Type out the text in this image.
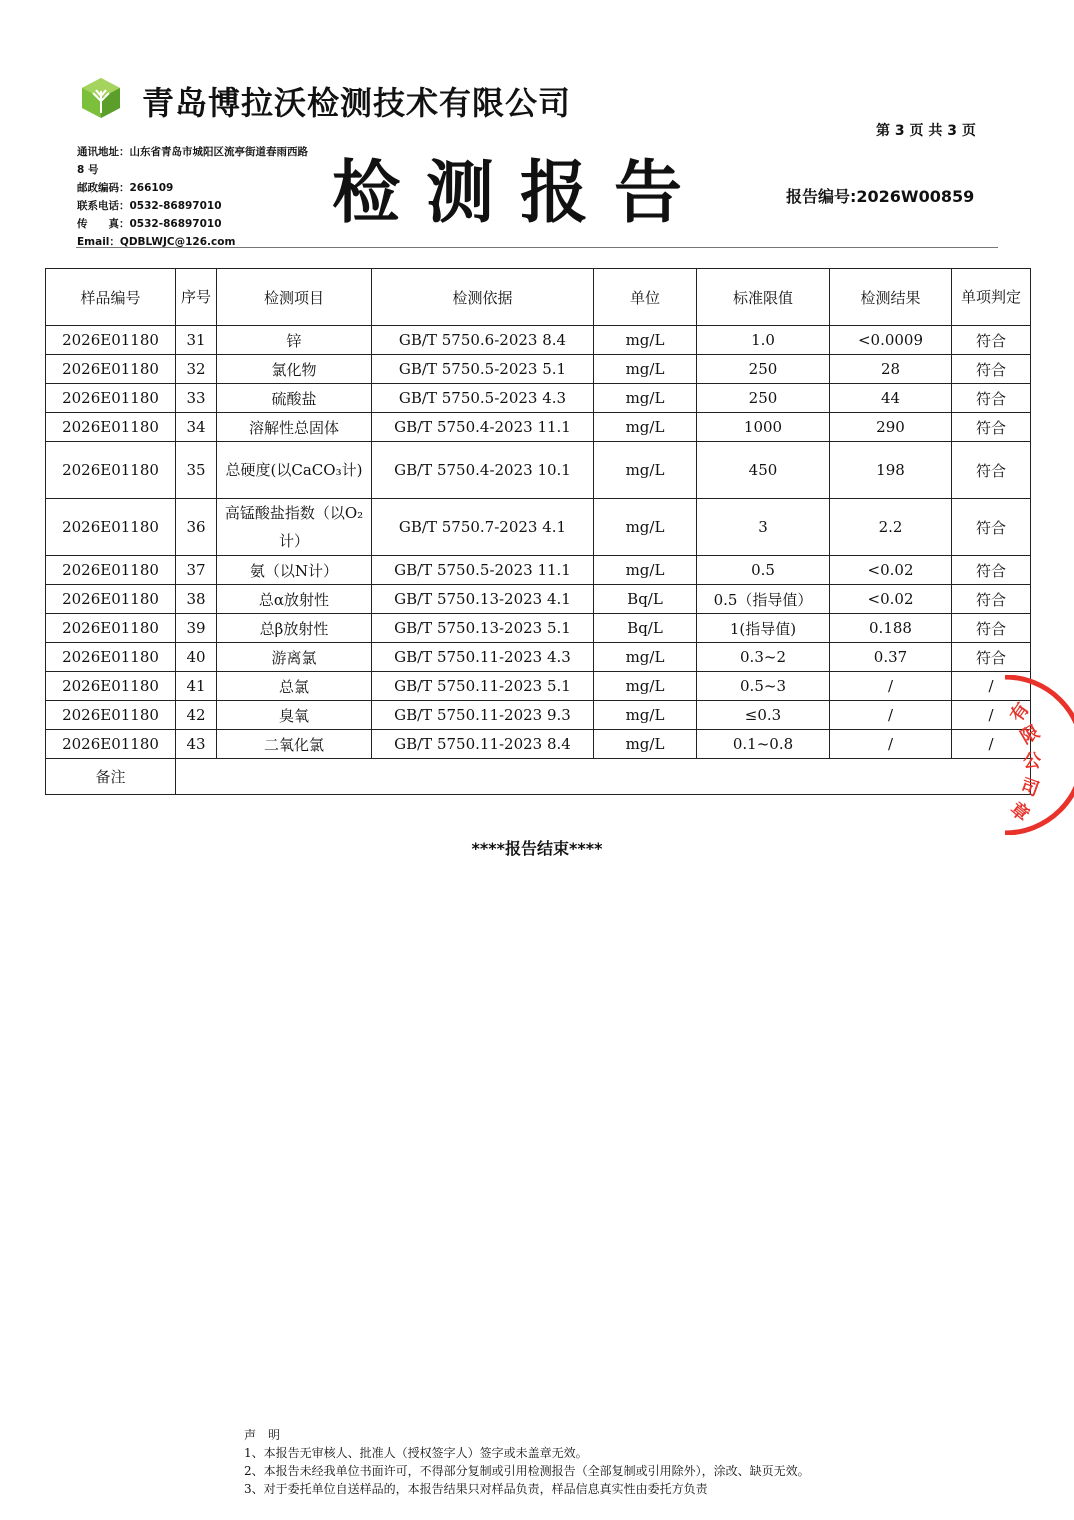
青岛博拉沃检测技术有限公司
第 3 页 共 3 页
通讯地址：山东省青岛市城阳区流亭街道春雨西路
8 号
邮政编码：266109
联系电话：0532-86897010
传　　真：0532-86897010
Email：QDBLWJC@126.com
检测报告	报告编号:2026W00859
样品编号	序号	检测项目	检测依据	单位	标准限值	检测结果	单项判定
2026E01180	31	锌	GB/T 5750.6-2023 8.4	mg/L	1.0	<0.0009	符合
2026E01180	32	氯化物	GB/T 5750.5-2023 5.1	mg/L	250	28	符合
2026E01180	33	硫酸盐	GB/T 5750.5-2023 4.3	mg/L	250	44	符合
2026E01180	34	溶解性总固体	GB/T 5750.4-2023 11.1	mg/L	1000	290	符合
2026E01180	35	总硬度(以CaCO₃计)	GB/T 5750.4-2023 10.1	mg/L	450	198	符合
2026E01180	36	高锰酸盐指数（以O₂计）	GB/T 5750.7-2023 4.1	mg/L	3	2.2	符合
2026E01180	37	氨（以N计）	GB/T 5750.5-2023 11.1	mg/L	0.5	<0.02	符合
2026E01180	38	总α放射性	GB/T 5750.13-2023 4.1	Bq/L	0.5（指导值）	<0.02	符合
2026E01180	39	总β放射性	GB/T 5750.13-2023 5.1	Bq/L	1(指导值)	0.188	符合
2026E01180	40	游离氯	GB/T 5750.11-2023 4.3	mg/L	0.3~2	0.37	符合
2026E01180	41	总氯	GB/T 5750.11-2023 5.1	mg/L	0.5~3	/	/
2026E01180	42	臭氧	GB/T 5750.11-2023 9.3	mg/L	≤0.3	/	/
2026E01180	43	二氧化氯	GB/T 5750.11-2023 8.4	mg/L	0.1~0.8	/	/
备注							
****报告结束****
有
限
公
司
章
声　明
1、本报告无审核人、批准人（授权签字人）签字或未盖章无效。
2、本报告未经我单位书面许可，不得部分复制或引用检测报告（全部复制或引用除外），涂改、缺页无效。
3、对于委托单位自送样品的，本报告结果只对样品负责，样品信息真实性由委托方负责
